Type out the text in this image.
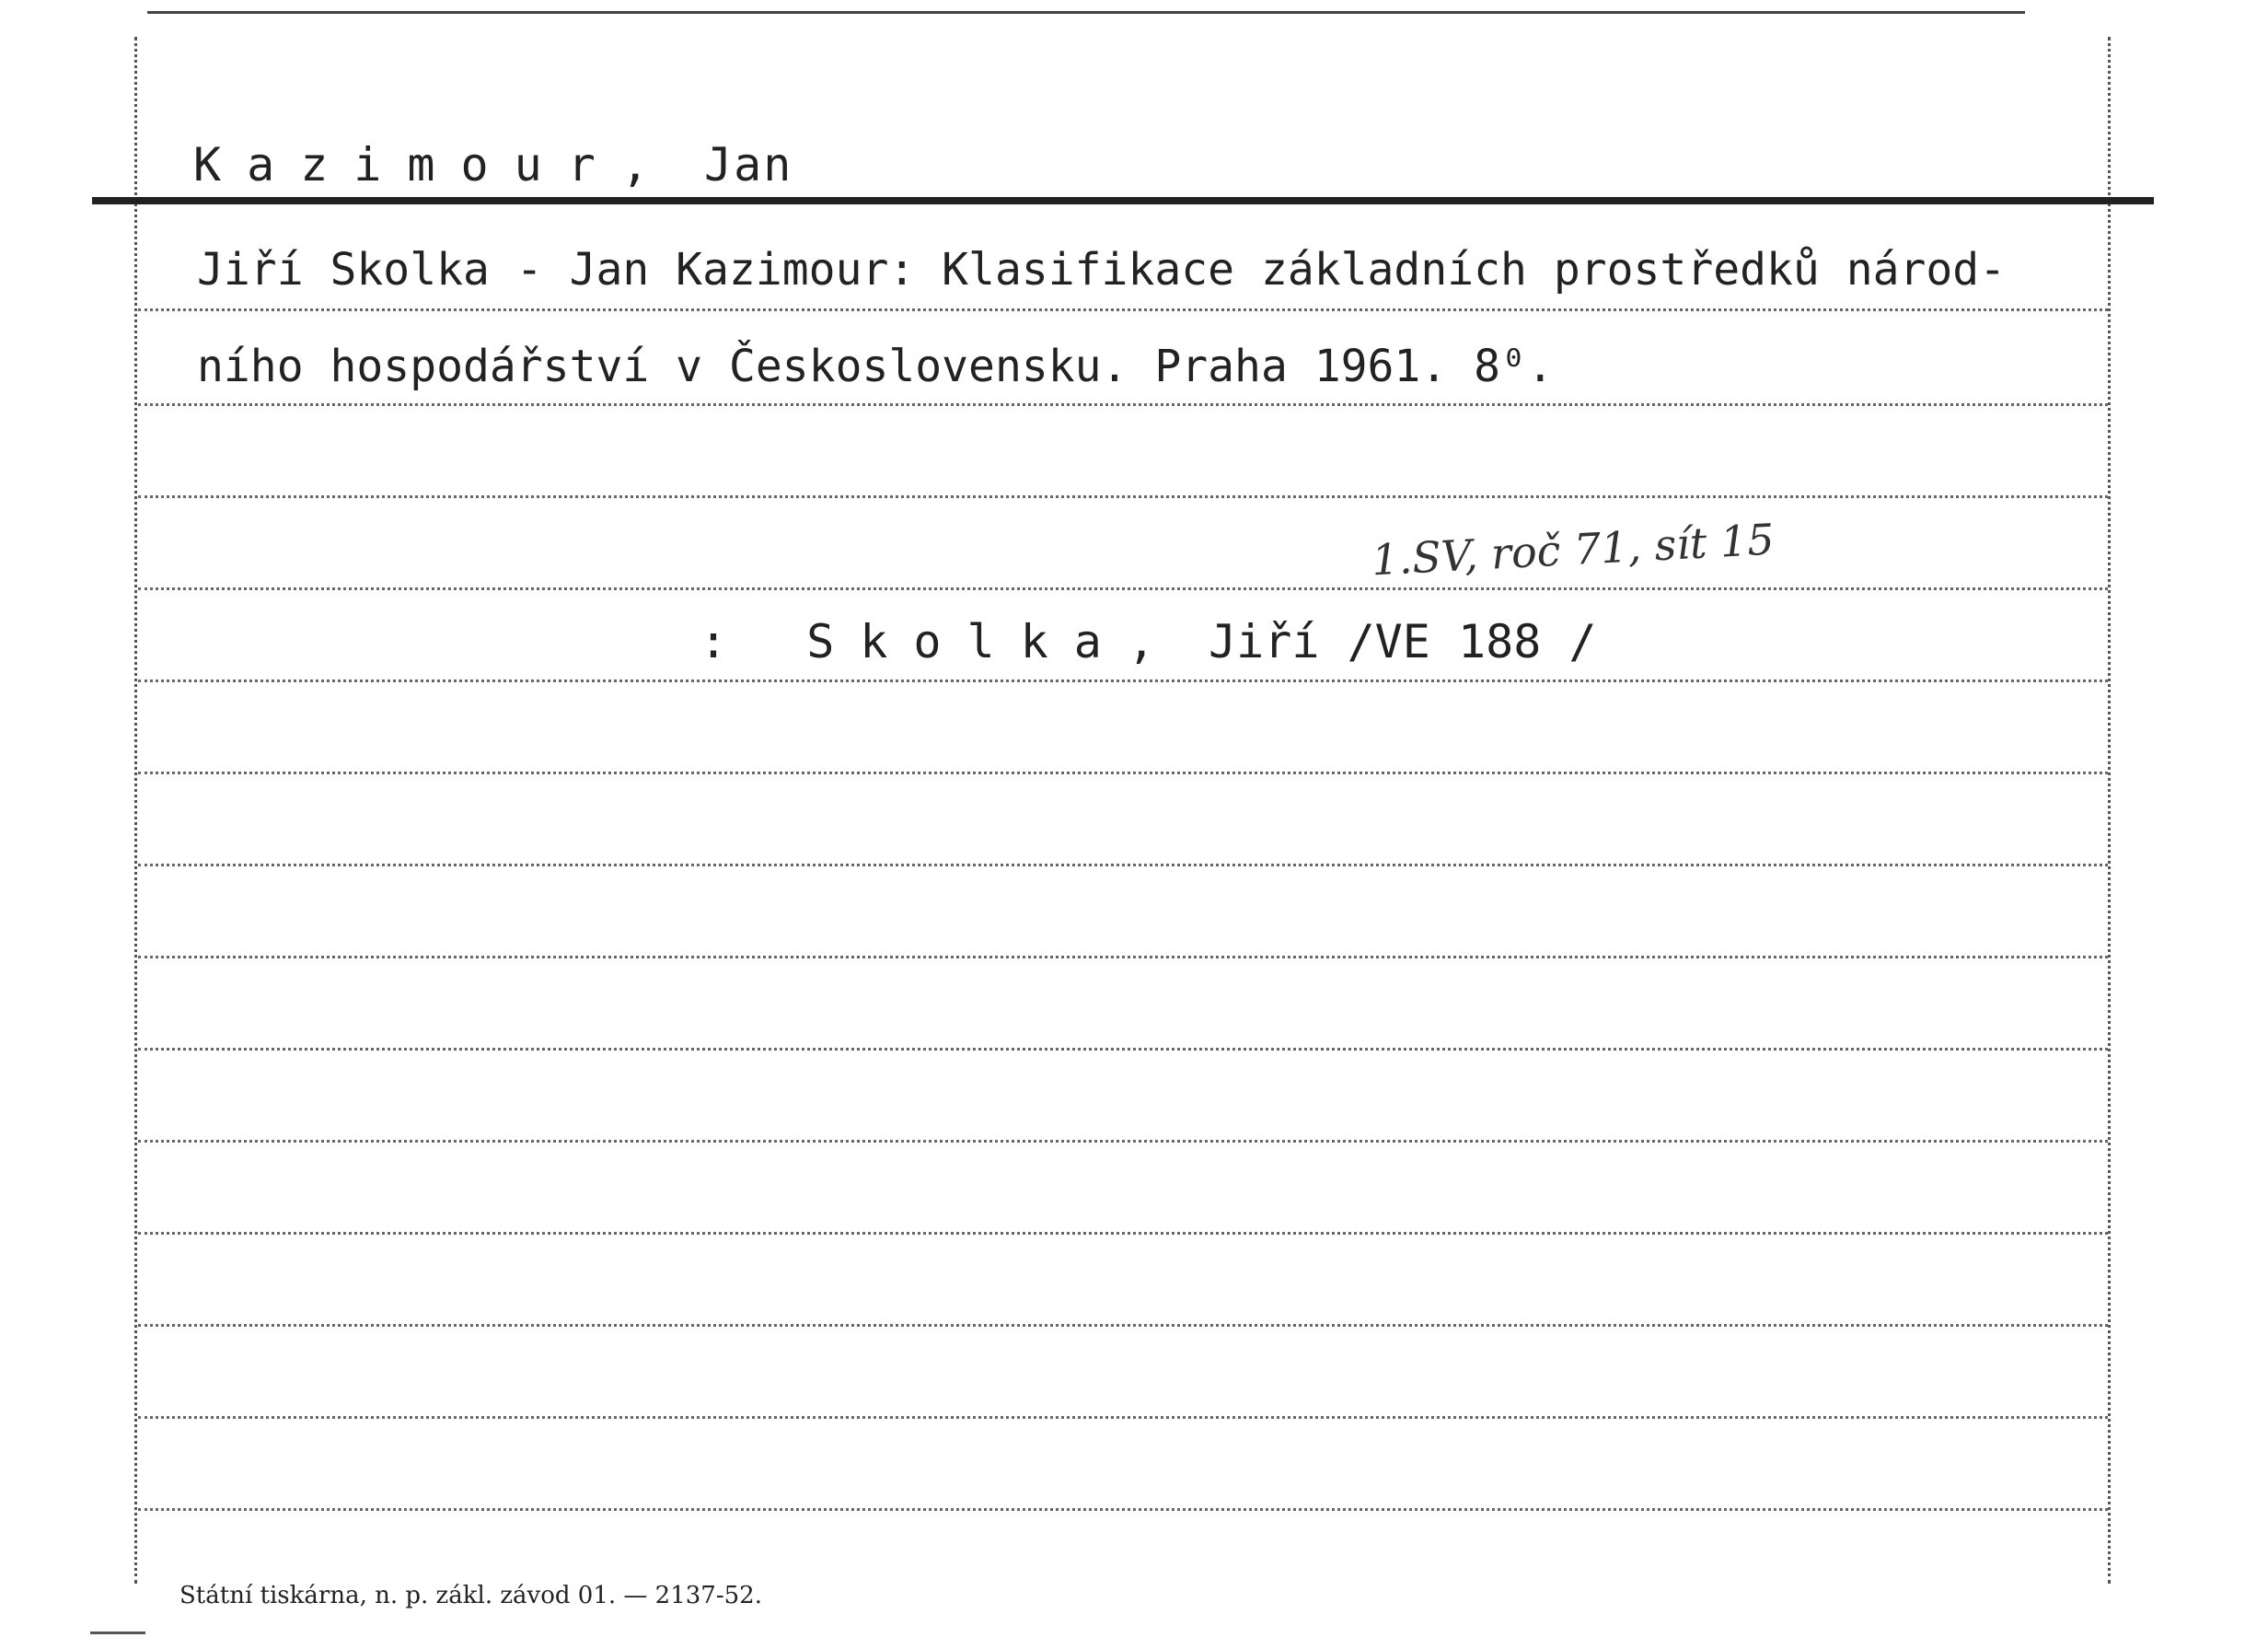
Kazimour, Jan
Jiří Skolka - Jan Kazimour: Klasifikace základních prostředků národ-
ního hospodářství v Československu. Praha 1961. 8⁰.
1.SV, roč 71, sít 15
: Skolka, Jiří /VE 188 /
Státní tiskárna, n. p. zákl. závod 01. — 2137-52.
